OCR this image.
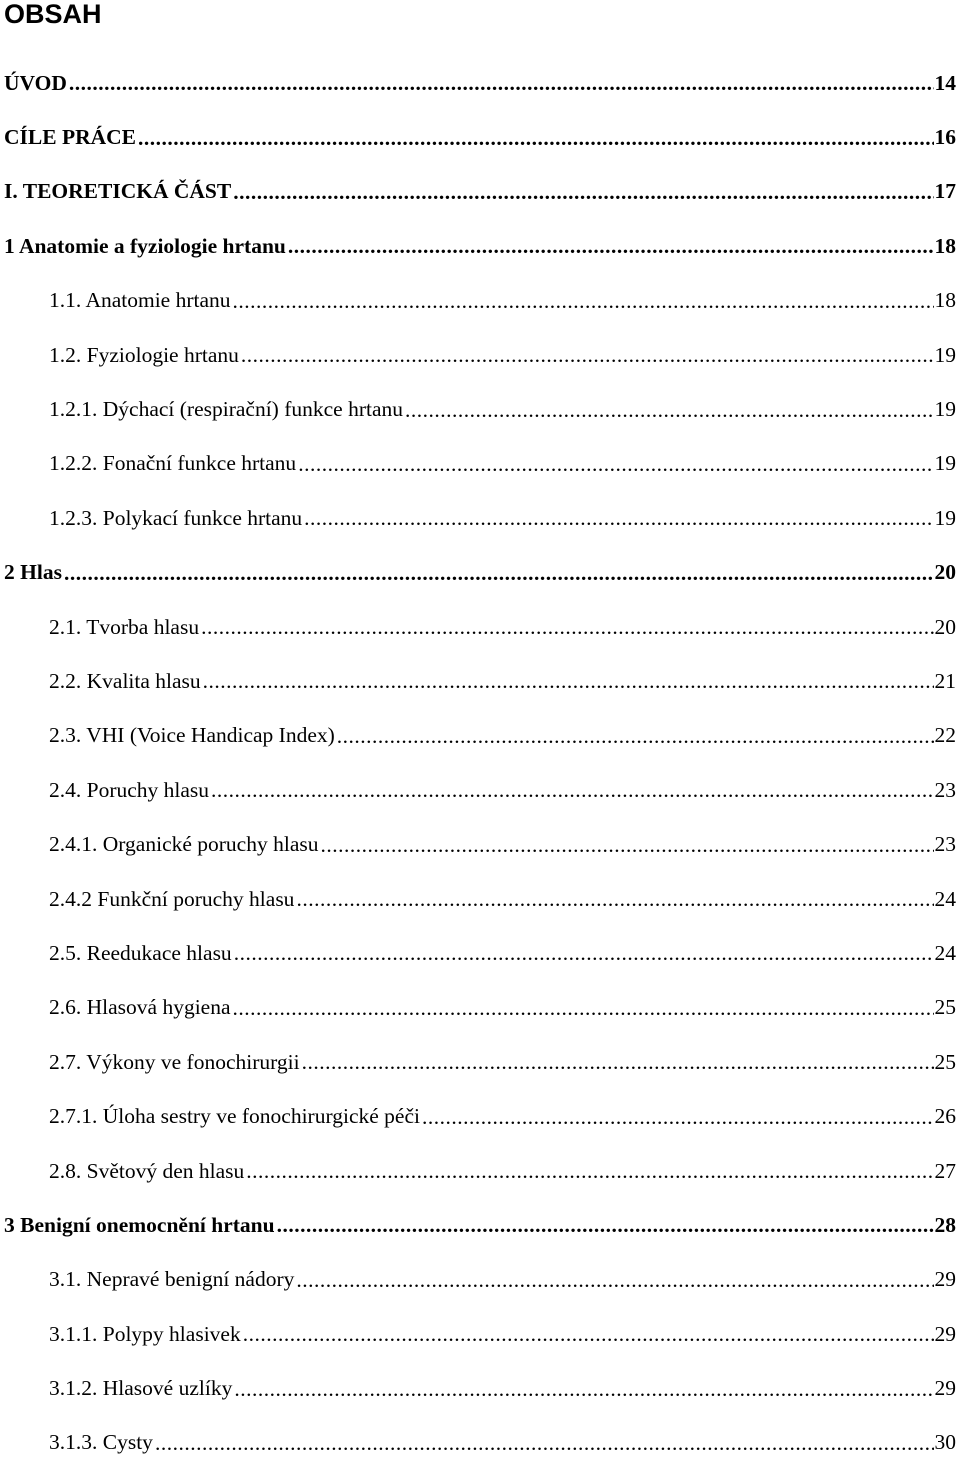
OBSAH
ÚVOD .....	14
CÍLE PRÁCE .....	16
I. TEORETICKÁ ČÁST .....	17
1 Anatomie a fyziologie hrtanu .....	18
1.1. Anatomie hrtanu .....	18
1.2. Fyziologie hrtanu .....	19
1.2.1. Dýchací (respirační) funkce hrtanu .....	19
1.2.2. Fonační funkce hrtanu .....	19
1.2.3. Polykací funkce hrtanu .....	19
2 Hlas .....	20
2.1. Tvorba hlasu .....	20
2.2. Kvalita hlasu .....	21
2.3. VHI (Voice Handicap Index) .....	22
2.4. Poruchy hlasu .....	23
2.4.1. Organické poruchy hlasu .....	23
2.4.2 Funkční poruchy hlasu .....	24
2.5. Reedukace hlasu .....	24
2.6. Hlasová hygiena .....	25
2.7. Výkony ve fonochirurgii .....	25
2.7.1. Úloha sestry ve fonochirurgické péči .....	26
2.8. Světový den hlasu .....	27
3 Benigní onemocnění hrtanu .....	28
3.1. Nepravé benigní nádory .....	29
3.1.1. Polypy hlasivek .....	29
3.1.2. Hlasové uzlíky .....	29
3.1.3. Cysty .....	30
